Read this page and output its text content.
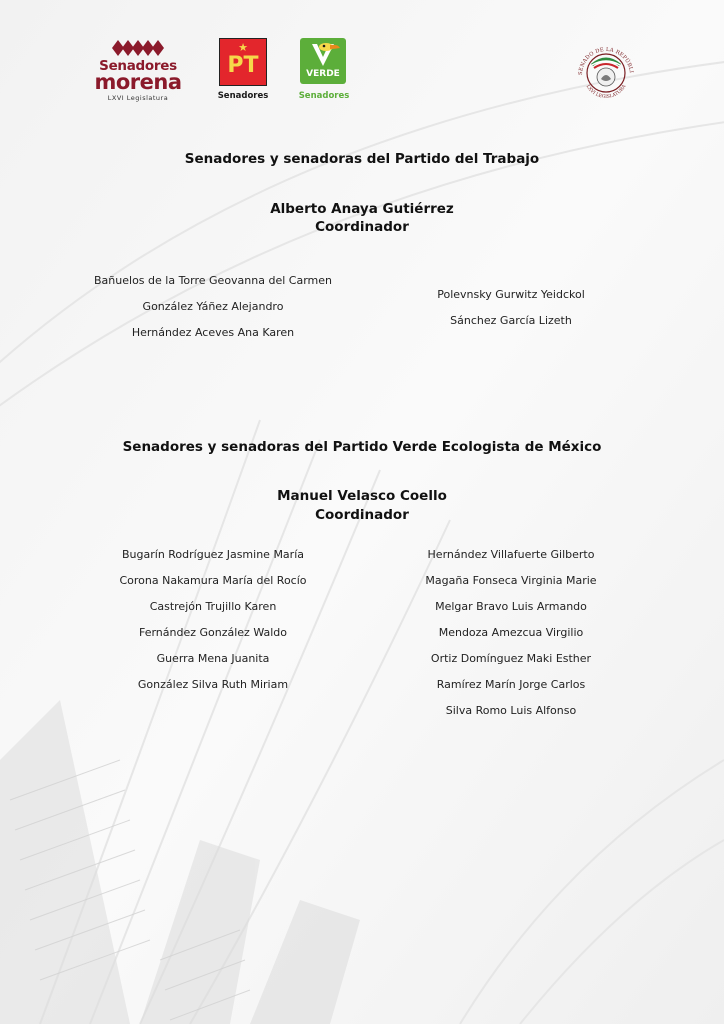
Senadores
morena
LXVI Legislatura
★
PT
Senadores
VERDE
Senadores
SENADO DE LA REPÚBLI
LXVI LEGISLATURA
Senadores y senadoras del Partido del Trabajo
Alberto Anaya Gutiérrez
Coordinador
Bañuelos de la Torre Geovanna del Carmen
González Yáñez Alejandro
Hernández Aceves Ana Karen
Polevnsky Gurwitz Yeidckol
Sánchez García Lizeth
Senadores y senadoras del Partido Verde Ecologista de México
Manuel Velasco Coello
Coordinador
Bugarín Rodríguez Jasmine María
Corona Nakamura María del Rocío
Castrejón Trujillo Karen
Fernández González Waldo
Guerra Mena Juanita
González Silva Ruth Miriam
Hernández Villafuerte Gilberto
Magaña Fonseca Virginia Marie
Melgar Bravo Luis Armando
Mendoza Amezcua Virgilio
Ortiz Domínguez Maki Esther
Ramírez Marín Jorge Carlos
Silva Romo Luis Alfonso
